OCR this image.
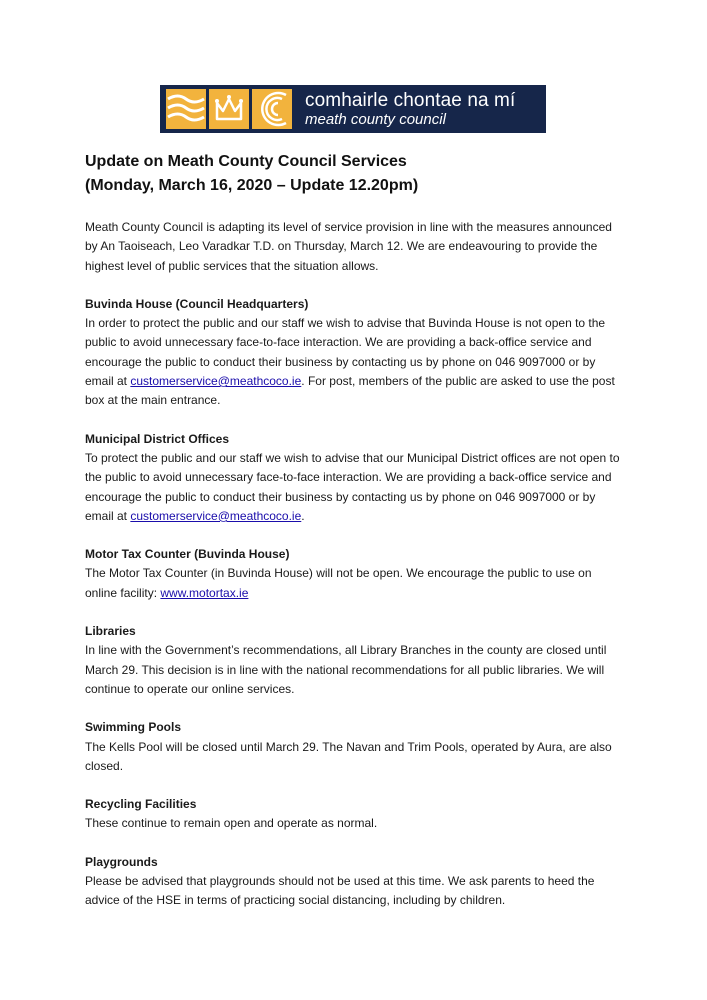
comhairle chontae na mí
meath county council
Update on Meath County Council Services
(Monday, March 16, 2020 – Update 12.20pm)

Meath County Council is adapting its level of service provision in line with the measures announced by An Taoiseach, Leo Varadkar T.D. on Thursday, March 12. We are endeavouring to provide the highest level of public services that the situation allows.

Buvinda House (Council Headquarters)

In order to protect the public and our staff we wish to advise that Buvinda House is not open to the public to avoid unnecessary face-to-face interaction. We are providing a back-office service and encourage the public to conduct their business by contacting us by phone on 046 9097000 or by email at customerservice@meathcoco.ie. For post, members of the public are asked to use the post box at the main entrance.

Municipal District Offices

To protect the public and our staff we wish to advise that our Municipal District offices are not open to the public to avoid unnecessary face-to-face interaction. We are providing a back-office service and encourage the public to conduct their business by contacting us by phone on 046 9097000 or by email at customerservice@meathcoco.ie.

Motor Tax Counter (Buvinda House)

The Motor Tax Counter (in Buvinda House) will not be open. We encourage the public to use on online facility: www.motortax.ie

Libraries

In line with the Government’s recommendations, all Library Branches in the county are closed until March 29. This decision is in line with the national recommendations for all public libraries. We will continue to operate our online services.

Swimming Pools

The Kells Pool will be closed until March 29. The Navan and Trim Pools, operated by Aura, are also closed.

Recycling Facilities

These continue to remain open and operate as normal.

Playgrounds

Please be advised that playgrounds should not be used at this time. We ask parents to heed the advice of the HSE in terms of practicing social distancing, including by children.
